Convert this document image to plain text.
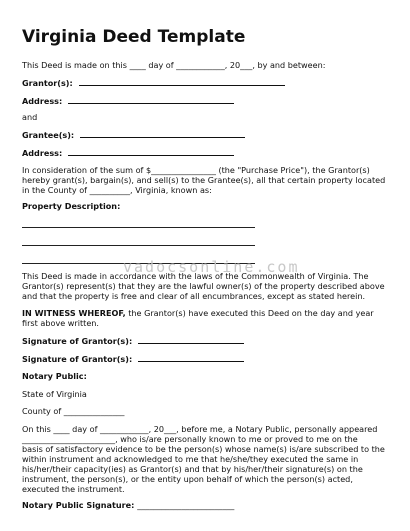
Virginia Deed Template

This Deed is made on this ____ day of ____________, 20___, by and between:

Grantor(s):

Address:

and

Grantee(s):

Address:

In consideration of the sum of $________________ (the "Purchase Price"), the Grantor(s)

hereby grant(s), bargain(s), and sell(s) to the Grantee(s), all that certain property located

in the County of __________, Virginia, known as:

Property Description:

vadocsonline.com

This Deed is made in accordance with the laws of the Commonwealth of Virginia. The

Grantor(s) represent(s) that they are the lawful owner(s) of the property described above

and that the property is free and clear of all encumbrances, except as stated herein.

IN WITNESS WHEREOF, the Grantor(s) have executed this Deed on the day and year

first above written.

Signature of Grantor(s):

Signature of Grantor(s):

Notary Public:

State of Virginia

County of _______________

On this ____ day of ____________, 20___, before me, a Notary Public, personally appeared

_______________________, who is/are personally known to me or proved to me on the

basis of satisfactory evidence to be the person(s) whose name(s) is/are subscribed to the

within instrument and acknowledged to me that he/she/they executed the same in

his/her/their capacity(ies) as Grantor(s) and that by his/her/their signature(s) on the

instrument, the person(s), or the entity upon behalf of which the person(s) acted,

executed the instrument.

Notary Public Signature: ________________________
